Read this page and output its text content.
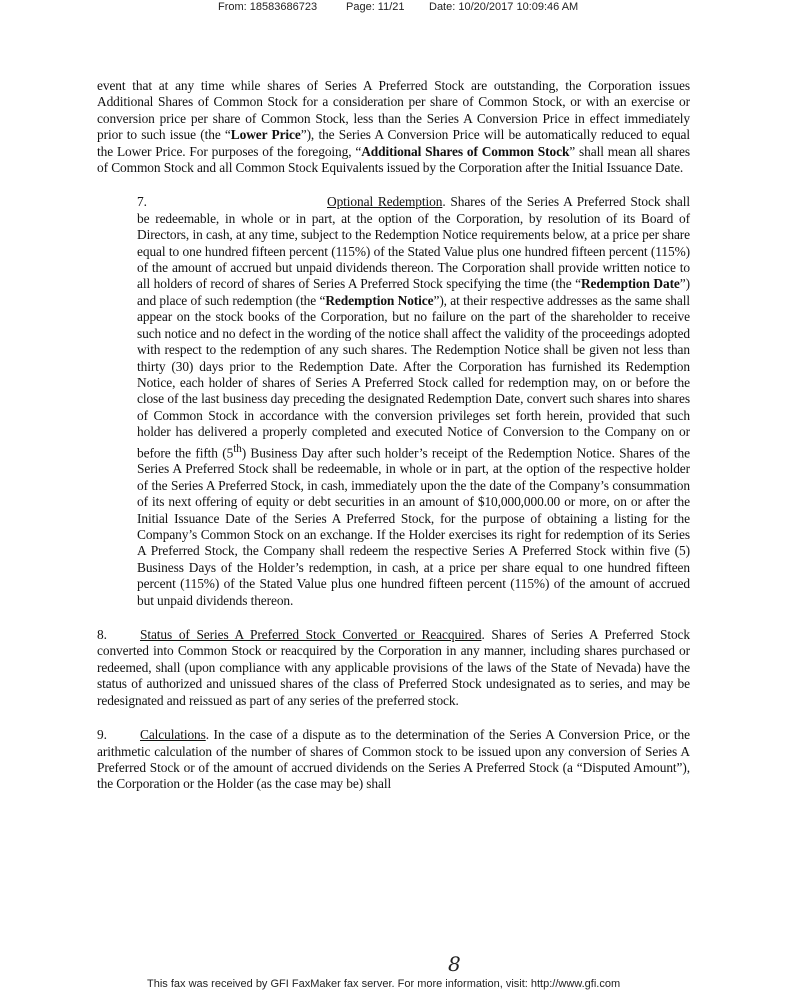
From: 18583686723	Page: 11/21 Date: 10/20/2017 10:09:46 AM

event that at any time while shares of Series A Preferred Stock are outstanding, the Corporation issues Additional Shares of Common Stock for a consideration per share of Common Stock, or with an exercise or conversion price per share of Common Stock, less than the Series A Conversion Price in effect immediately prior to such issue (the “Lower Price”), the Series A Conversion Price will be automatically reduced to equal the Lower Price. For purposes of the foregoing, “Additional Shares of Common Stock” shall mean all shares of Common Stock and all Common Stock Equivalents issued by the Corporation after the Initial Issuance Date.

7.	Optional Redemption. Shares of the Series A Preferred Stock shall be redeemable, in whole or in part, at the option of the Corporation, by resolution of its Board of Directors, in cash, at any time, subject to the Redemption Notice requirements below, at a price per share equal to one hundred fifteen percent (115%) of the Stated Value plus one hundred fifteen percent (115%) of the amount of accrued but unpaid dividends thereon. The Corporation shall provide written notice to all holders of record of shares of Series A Preferred Stock specifying the time (the “Redemption Date”) and place of such redemption (the “Redemption Notice”), at their respective addresses as the same shall appear on the stock books of the Corporation, but no failure on the part of the shareholder to receive such notice and no defect in the wording of the notice shall affect the validity of the proceedings adopted with respect to the redemption of any such shares. The Redemption Notice shall be given not less than thirty (30) days prior to the Redemption Date. After the Corporation has furnished its Redemption Notice, each holder of shares of Series A Preferred Stock called for redemption may, on or before the close of the last business day preceding the designated Redemption Date, convert such shares into shares of Common Stock in accordance with the conversion privileges set forth herein, provided that such holder has delivered a properly completed and executed Notice of Conversion to the Company on or before the fifth (5th) Business Day after such holder’s receipt of the Redemption Notice. Shares of the Series A Preferred Stock shall be redeemable, in whole or in part, at the option of the respective holder of the Series A Preferred Stock, in cash, immediately upon the the date of the Company’s consummation of its next offering of equity or debt securities in an amount of $10,000,000.00 or more, on or after the Initial Issuance Date of the Series A Preferred Stock, for the purpose of obtaining a listing for the Company’s Common Stock on an exchange. If the Holder exercises its right for redemption of its Series A Preferred Stock, the Company shall redeem the respective Series A Preferred Stock within five (5) Business Days of the Holder’s redemption, in cash, at a price per share equal to one hundred fifteen percent (115%) of the Stated Value plus one hundred fifteen percent (115%) of the amount of accrued but unpaid dividends thereon.

8. Status of Series A Preferred Stock Converted or Reacquired. Shares of Series A Preferred Stock converted into Common Stock or reacquired by the Corporation in any manner, including shares purchased or redeemed, shall (upon compliance with any applicable provisions of the laws of the State of Nevada) have the status of authorized and unissued shares of the class of Preferred Stock undesignated as to series, and may be redesignated and reissued as part of any series of the preferred stock.

9. Calculations. In the case of a dispute as to the determination of the Series A Conversion Price, or the arithmetic calculation of the number of shares of Common stock to be issued upon any conversion of Series A Preferred Stock or of the amount of accrued dividends on the Series A Preferred Stock (a “Disputed Amount”), the Corporation or the Holder (as the case may be) shall

8
This fax was received by GFI FaxMaker fax server. For more information, visit: http://www.gfi.com
